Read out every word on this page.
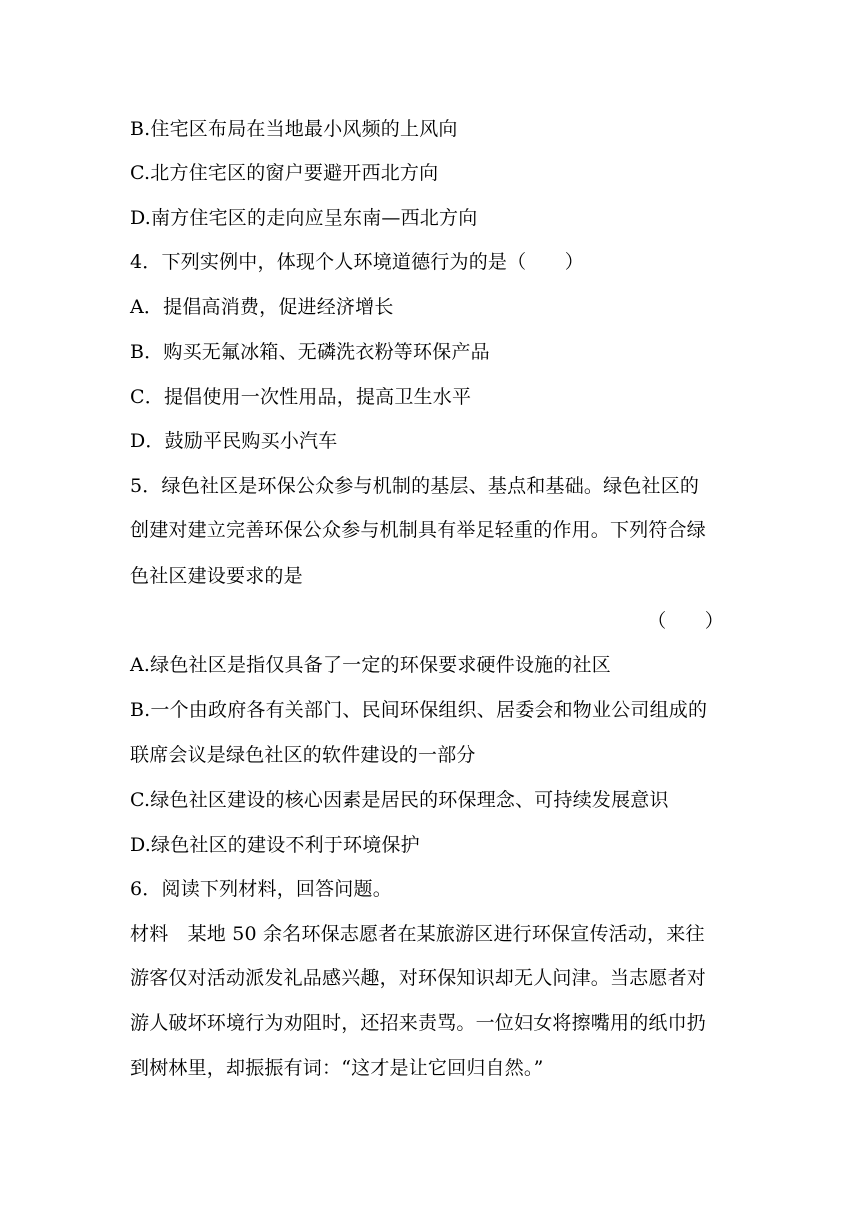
B.住宅区布局在当地最小风频的上风向
C.北方住宅区的窗户要避开西北方向
D.南方住宅区的走向应呈东南—西北方向
4．下列实例中，体现个人环境道德行为的是（　　）
A．提倡高消费，促进经济增长
B．购买无氟冰箱、无磷洗衣粉等环保产品
C．提倡使用一次性用品，提高卫生水平
D．鼓励平民购买小汽车
5．绿色社区是环保公众参与机制的基层、基点和基础。绿色社区的
创建对建立完善环保公众参与机制具有举足轻重的作用。下列符合绿
色社区建设要求的是
（　　）
A.绿色社区是指仅具备了一定的环保要求硬件设施的社区
B.一个由政府各有关部门、民间环保组织、居委会和物业公司组成的
联席会议是绿色社区的软件建设的一部分
C.绿色社区建设的核心因素是居民的环保理念、可持续发展意识
D.绿色社区的建设不利于环境保护
6．阅读下列材料，回答问题。
材料　某地 50 余名环保志愿者在某旅游区进行环保宣传活动，来往
游客仅对活动派发礼品感兴趣，对环保知识却无人问津。当志愿者对
游人破坏环境行为劝阻时，还招来责骂。一位妇女将擦嘴用的纸巾扔
到树林里，却振振有词：“这才是让它回归自然。”
